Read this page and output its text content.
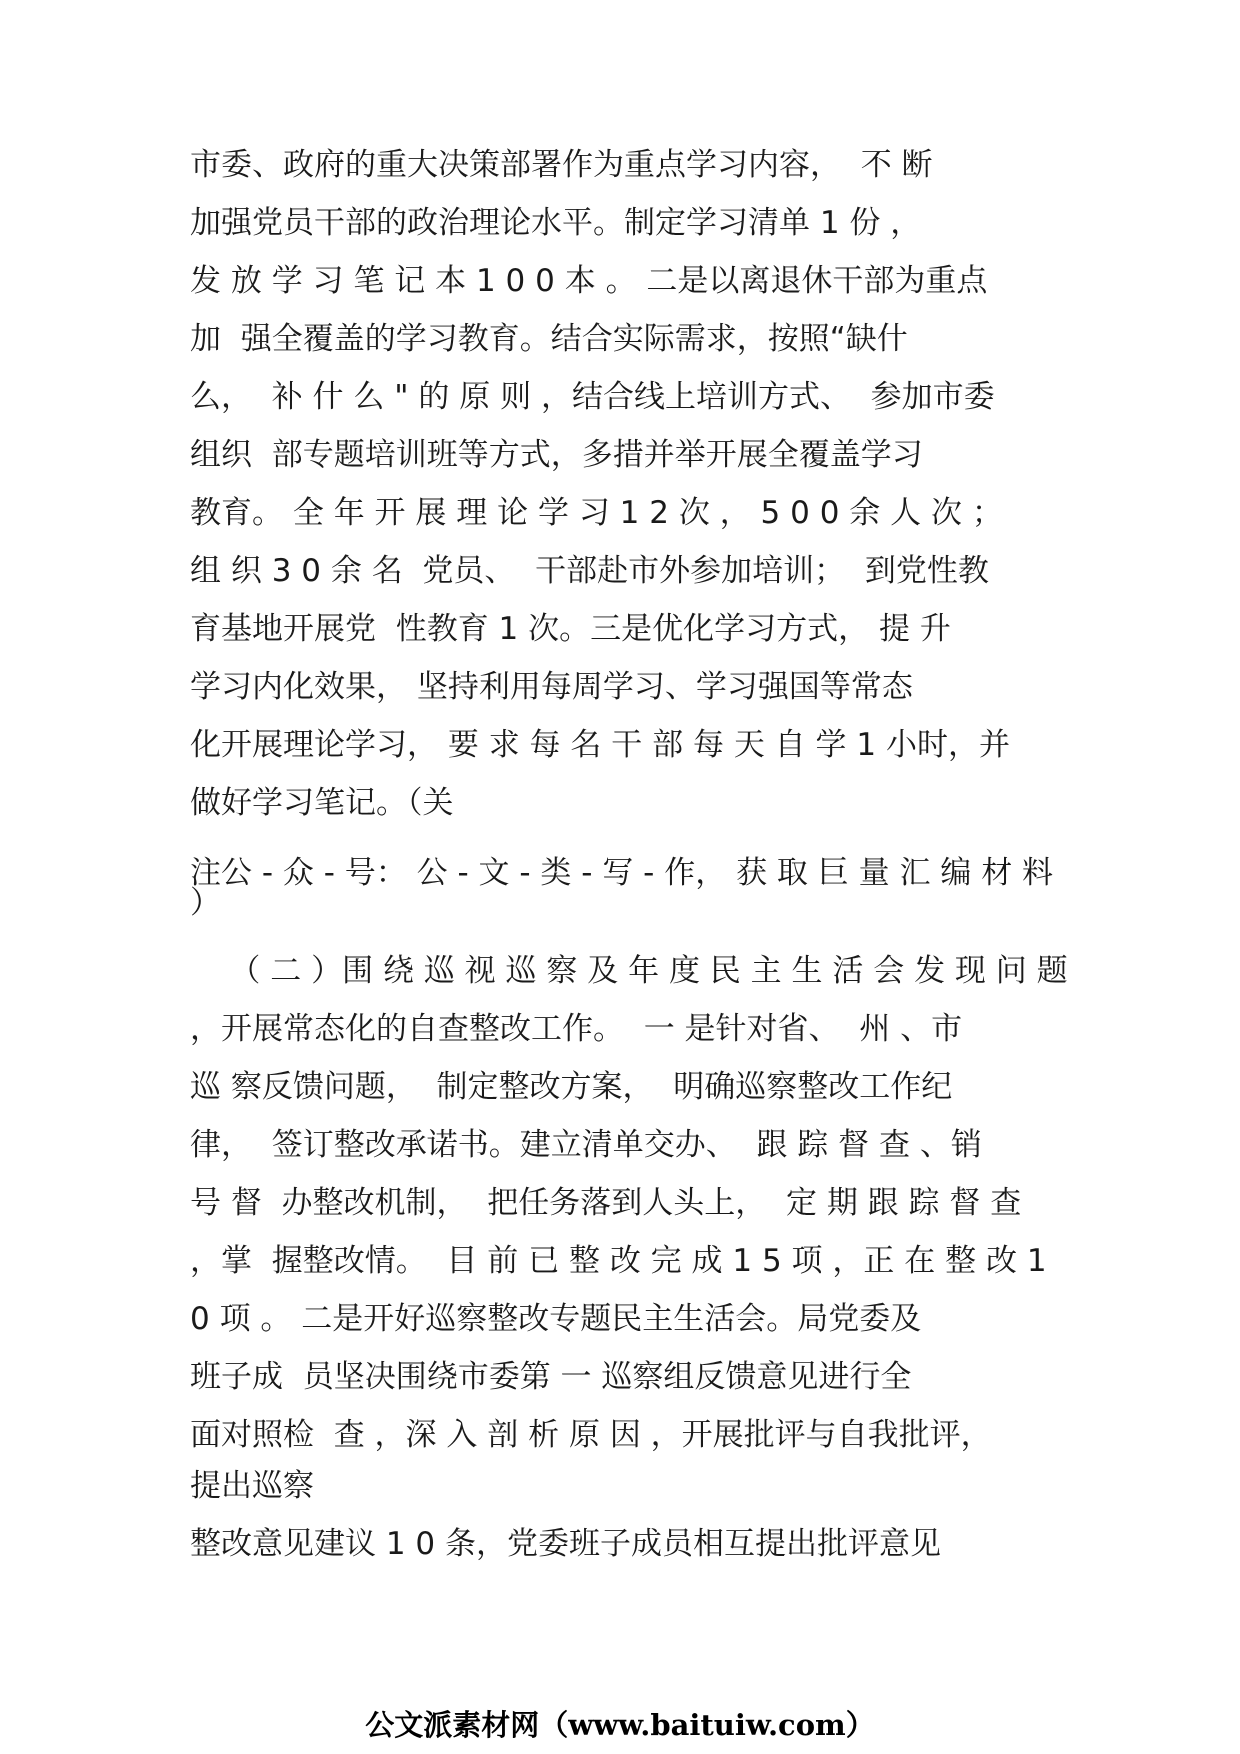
市委、政府的重大决策部署作为重点学习内容，  不 断
加强党员干部的政治理论水平。制定学习清单 1 份 ，
发 放 学 习 笔 记 本 1 0 0 本 。 二是以离退休干部为重点
加  强全覆盖的学习教育。结合实际需求，按照“缺什
么，  补 什 么 " 的 原 则 ，结合线上培训方式、  参加市委
组织  部专题培训班等方式，多措并举开展全覆盖学习
教育。 全 年 开 展 理 论 学 习 1 2 次 ， 5 0 0 余 人 次 ；
组 织 3 0 余 名  党员、  干部赴市外参加培训；  到党性教
育基地开展党  性教育 1 次。三是优化学习方式， 提 升
学习内化效果， 坚持利用每周学习、学习强国等常态
化开展理论学习， 要 求 每 名 干 部 每 天 自 学 1 小时，并
做好学习笔记。（关
注公 - 众 - 号： 公 - 文 - 类 - 写 - 作， 获 取 巨 量 汇 编 材 料
）
（ 二 ）围 绕 巡 视 巡 察 及 年 度 民 主 生 活 会 发 现 问 题
，开展常态化的自查整改工作。  一 是针对省、  州 、市
巡 察反馈问题，  制定整改方案，  明确巡察整改工作纪
律，  签订整改承诺书。建立清单交办、  跟 踪 督 查 、销
号 督  办整改机制，  把任务落到人头上，  定 期 跟 踪 督 查
，掌  握整改情。  目 前 已 整 改 完 成 1 5 项 ，正 在 整 改 1
0 项 。 二是开好巡察整改专题民主生活会。局党委及
班子成  员坚决围绕市委第 一 巡察组反馈意见进行全
面对照检  查 ，深 入 剖 析 原 因 ，开展批评与自我批评，
提出巡察
整改意见建议 1 0 条，党委班子成员相互提出批评意见
公文派素材网（www.baituiw.com）
